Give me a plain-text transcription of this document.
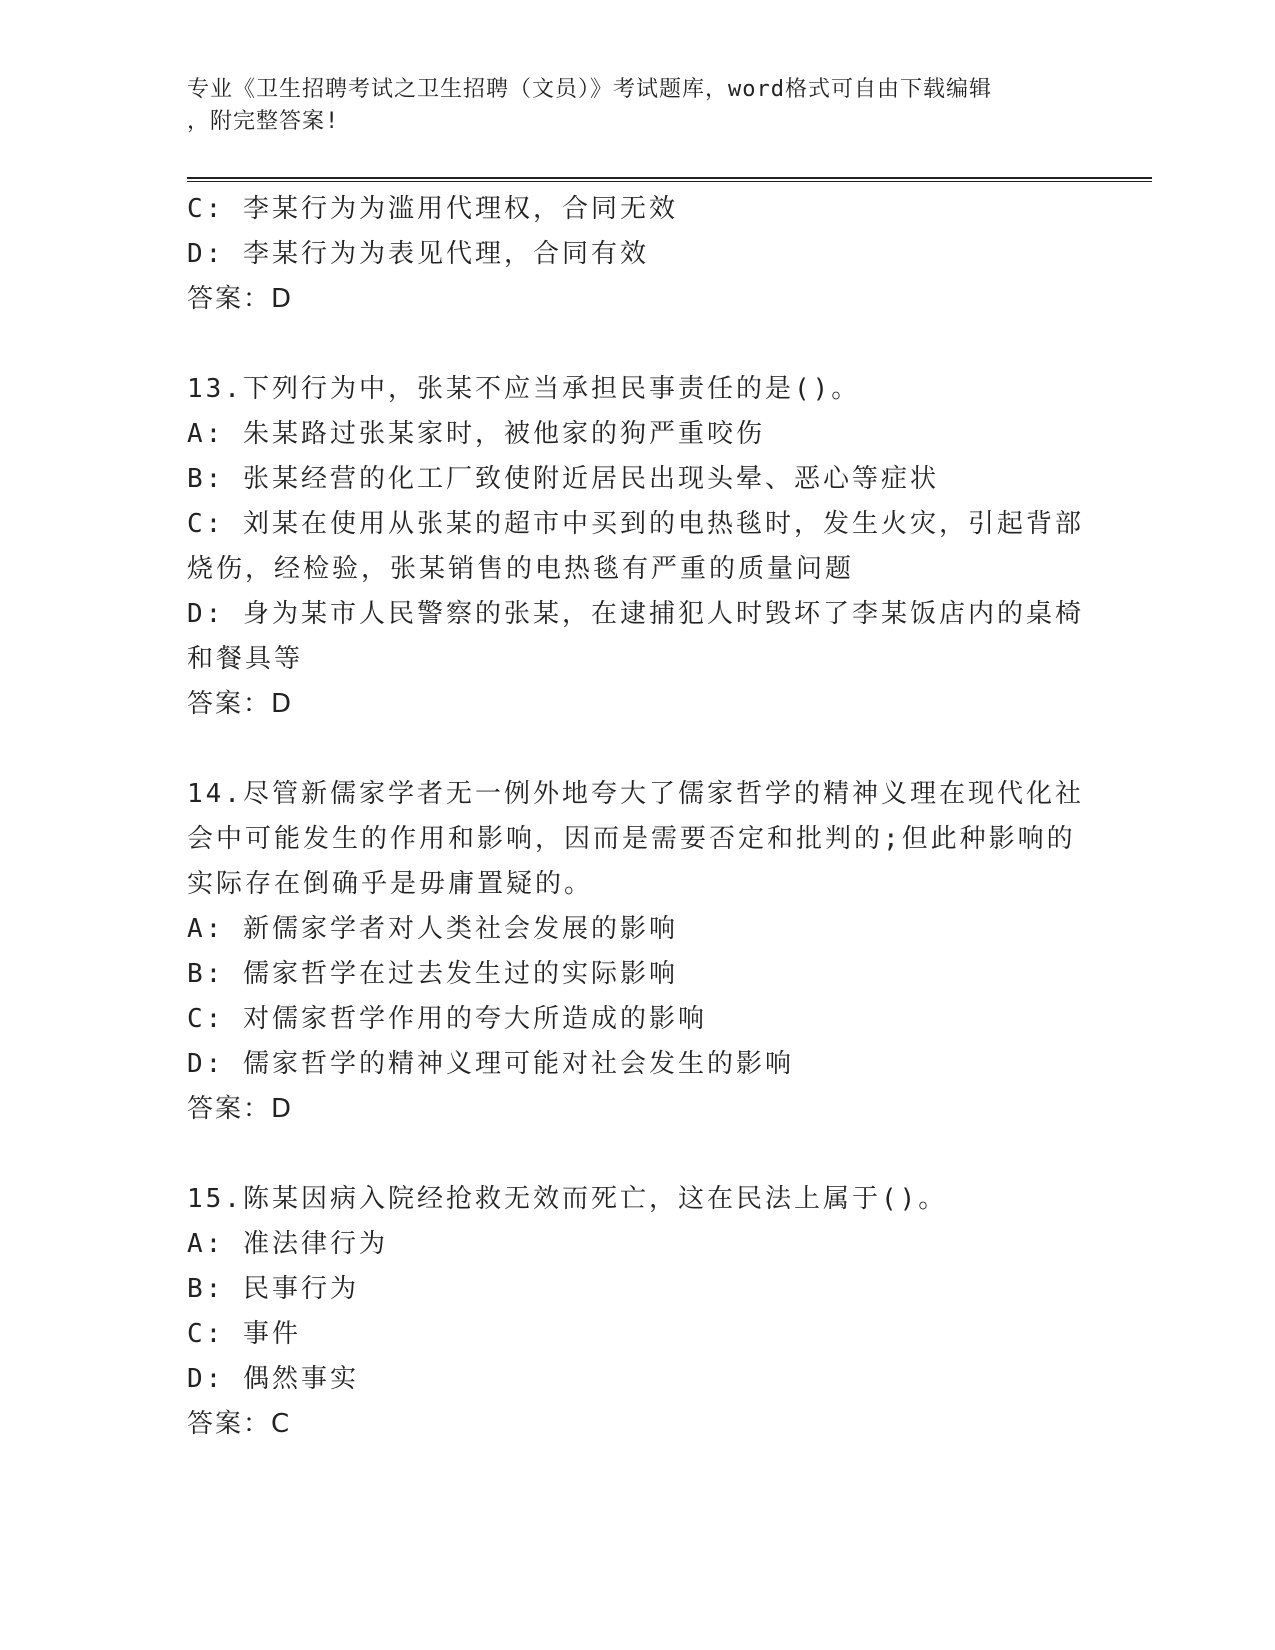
专业《卫生招聘考试之卫生招聘（文员）》考试题库，word格式可自由下载编辑
，附完整答案!

C: 李某行为为滥用代理权，合同无效

D: 李某行为为表见代理，合同有效

答案：D

13.下列行为中，张某不应当承担民事责任的是()。

A: 朱某路过张某家时，被他家的狗严重咬伤

B: 张某经营的化工厂致使附近居民出现头晕、恶心等症状

C: 刘某在使用从张某的超市中买到的电热毯时，发生火灾，引起背部

烧伤，经检验，张某销售的电热毯有严重的质量问题

D: 身为某市人民警察的张某，在逮捕犯人时毁坏了李某饭店内的桌椅

和餐具等

答案：D

14.尽管新儒家学者无一例外地夸大了儒家哲学的精神义理在现代化社

会中可能发生的作用和影响，因而是需要否定和批判的;但此种影响的

实际存在倒确乎是毋庸置疑的。

A: 新儒家学者对人类社会发展的影响

B: 儒家哲学在过去发生过的实际影响

C: 对儒家哲学作用的夸大所造成的影响

D: 儒家哲学的精神义理可能对社会发生的影响

答案：D

15.陈某因病入院经抢救无效而死亡，这在民法上属于()。

A: 准法律行为

B: 民事行为

C: 事件

D: 偶然事实

答案：C
